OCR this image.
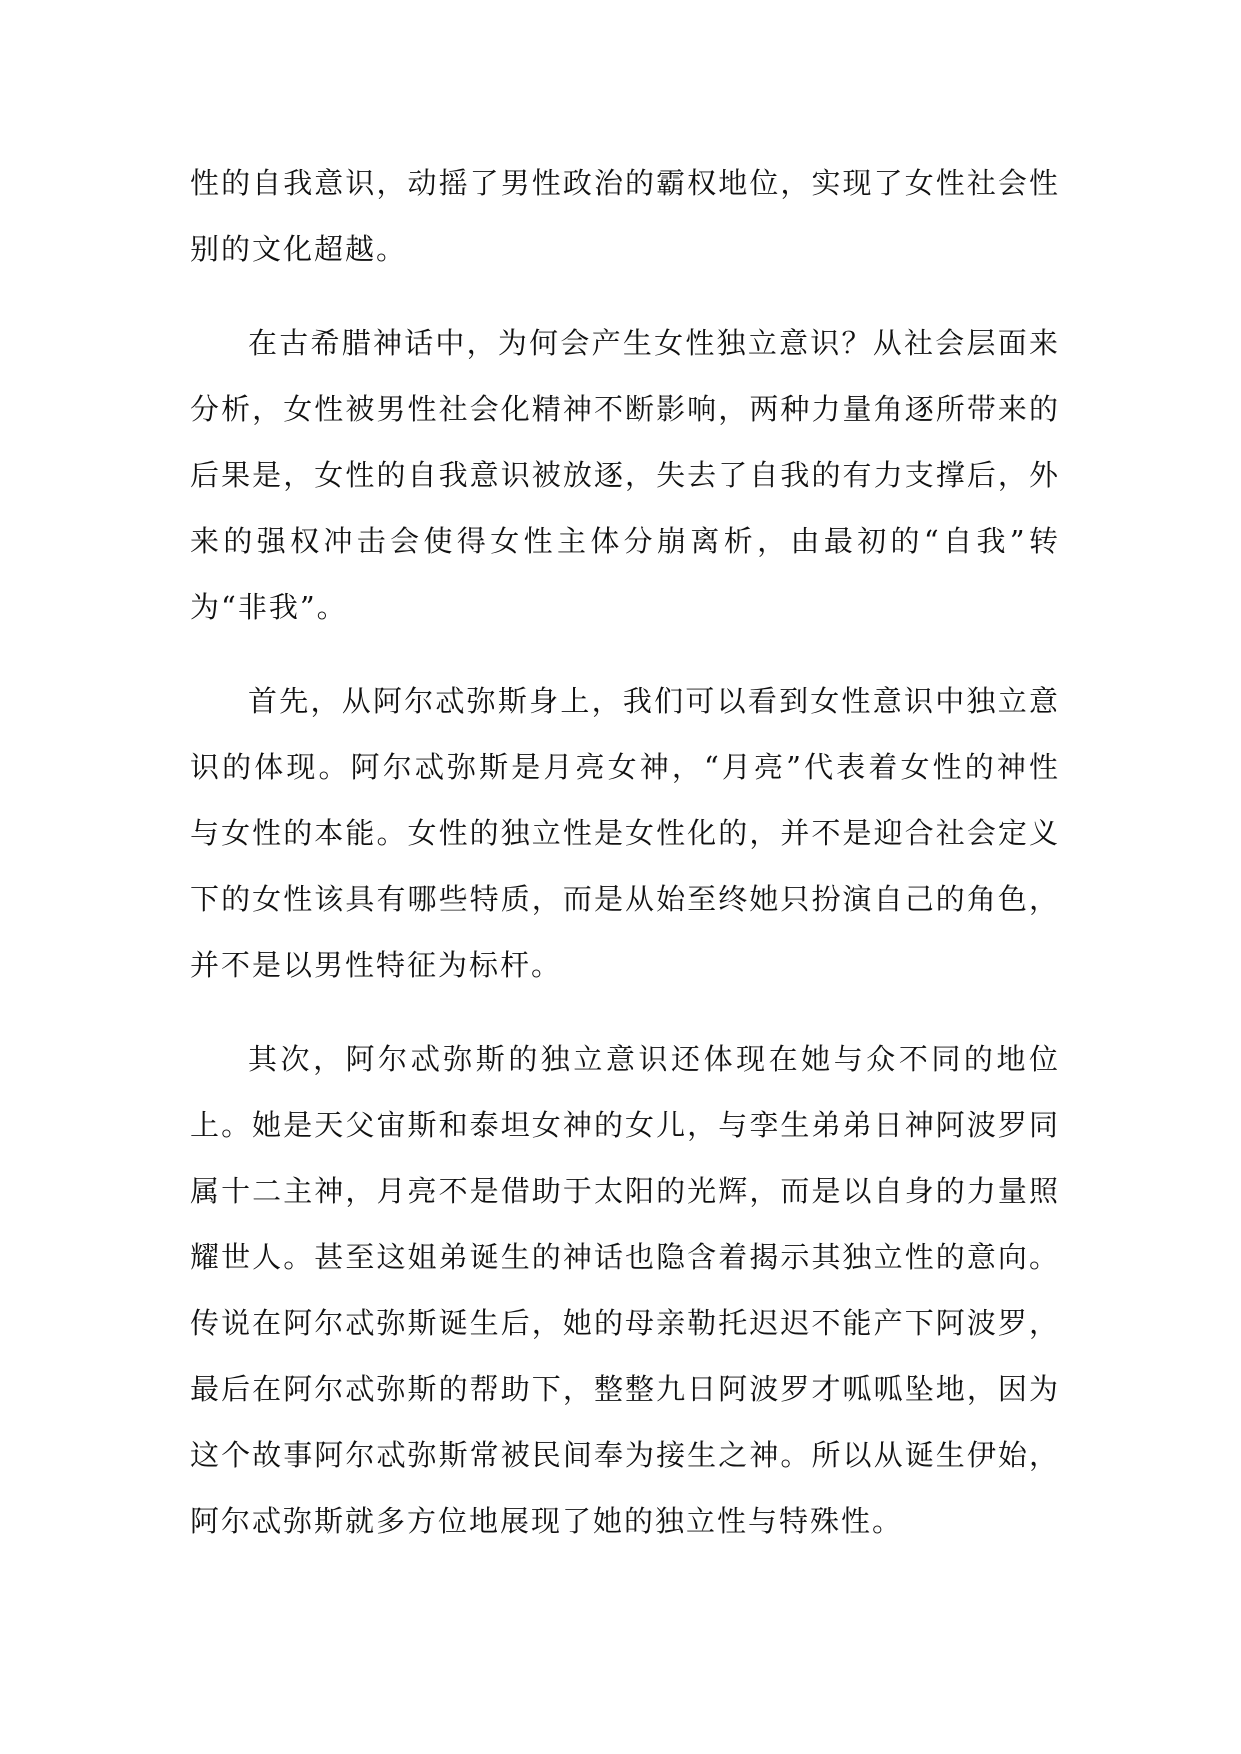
性的自我意识，动摇了男性政治的霸权地位，实现了女性社会性别的文化超越。

在古希腊神话中，为何会产生女性独立意识？从社会层面来分析，女性被男性社会化精神不断影响，两种力量角逐所带来的后果是，女性的自我意识被放逐，失去了自我的有力支撑后，外来的强权冲击会使得女性主体分崩离析，由最初的“自我”转为“非我”。

首先，从阿尔忒弥斯身上，我们可以看到女性意识中独立意识的体现。阿尔忒弥斯是月亮女神，“月亮”代表着女性的神性与女性的本能。女性的独立性是女性化的，并不是迎合社会定义下的女性该具有哪些特质，而是从始至终她只扮演自己的角色，并不是以男性特征为标杆。

其次，阿尔忒弥斯的独立意识还体现在她与众不同的地位上。她是天父宙斯和泰坦女神的女儿，与孪生弟弟日神阿波罗同属十二主神，月亮不是借助于太阳的光辉，而是以自身的力量照耀世人。甚至这姐弟诞生的神话也隐含着揭示其独立性的意向。传说在阿尔忒弥斯诞生后，她的母亲勒托迟迟不能产下阿波罗，最后在阿尔忒弥斯的帮助下，整整九日阿波罗才呱呱坠地，因为这个故事阿尔忒弥斯常被民间奉为接生之神。所以从诞生伊始，阿尔忒弥斯就多方位地展现了她的独立性与特殊性。
